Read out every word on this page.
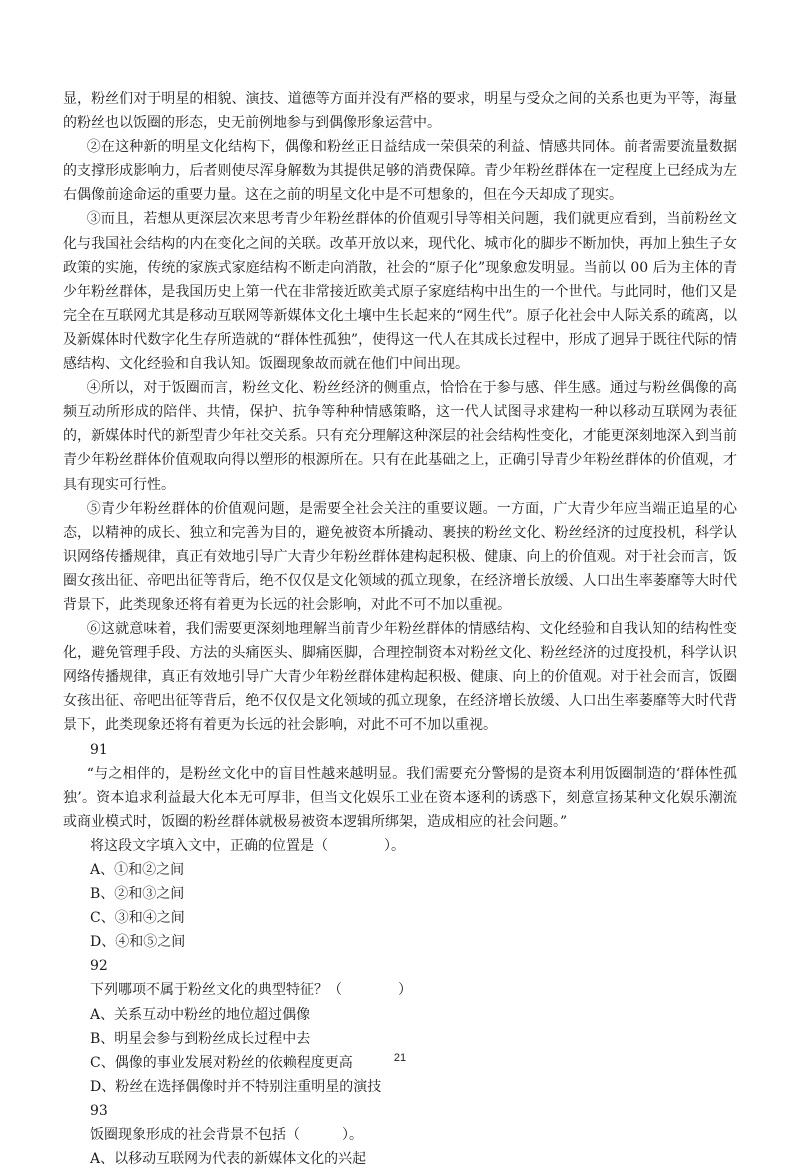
显，粉丝们对于明星的相貌、演技、道德等方面并没有严格的要求，明星与受众之间的关系也更为平等，海量的粉丝也以饭圈的形态，史无前例地参与到偶像形象运营中。

②在这种新的明星文化结构下，偶像和粉丝正日益结成一荣俱荣的利益、情感共同体。前者需要流量数据的支撑形成影响力，后者则使尽浑身解数为其提供足够的消费保障。青少年粉丝群体在一定程度上已经成为左右偶像前途命运的重要力量。这在之前的明星文化中是不可想象的，但在今天却成了现实。

③而且，若想从更深层次来思考青少年粉丝群体的价值观引导等相关问题，我们就更应看到，当前粉丝文化与我国社会结构的内在变化之间的关联。改革开放以来，现代化、城市化的脚步不断加快，再加上独生子女政策的实施，传统的家族式家庭结构不断走向消散，社会的“原子化”现象愈发明显。当前以 00 后为主体的青少年粉丝群体，是我国历史上第一代在非常接近欧美式原子家庭结构中出生的一个世代。与此同时，他们又是完全在互联网尤其是移动互联网等新媒体文化土壤中生长起来的“网生代”。原子化社会中人际关系的疏离，以及新媒体时代数字化生存所造就的“群体性孤独”，使得这一代人在其成长过程中，形成了迥异于既往代际的情感结构、文化经验和自我认知。饭圈现象故而就在他们中间出现。

④所以，对于饭圈而言，粉丝文化、粉丝经济的侧重点，恰恰在于参与感、伴生感。通过与粉丝偶像的高频互动所形成的陪伴、共情，保护、抗争等种种情感策略，这一代人试图寻求建构一种以移动互联网为表征的，新媒体时代的新型青少年社交关系。只有充分理解这种深层的社会结构性变化，才能更深刻地深入到当前青少年粉丝群体价值观取向得以塑形的根源所在。只有在此基础之上，正确引导青少年粉丝群体的价值观，才具有现实可行性。

⑤青少年粉丝群体的价值观问题，是需要全社会关注的重要议题。一方面，广大青少年应当端正追星的心态，以精神的成长、独立和完善为目的，避免被资本所撬动、裹挟的粉丝文化、粉丝经济的过度投机，科学认识网络传播规律，真正有效地引导广大青少年粉丝群体建构起积极、健康、向上的价值观。对于社会而言，饭圈女孩出征、帝吧出征等背后，绝不仅仅是文化领域的孤立现象，在经济增长放缓、人口出生率萎靡等大时代背景下，此类现象还将有着更为长远的社会影响，对此不可不加以重视。

⑥这就意味着，我们需要更深刻地理解当前青少年粉丝群体的情感结构、文化经验和自我认知的结构性变化，避免管理手段、方法的头痛医头、脚痛医脚，合理控制资本对粉丝文化、粉丝经济的过度投机，科学认识网络传播规律，真正有效地引导广大青少年粉丝群体建构起积极、健康、向上的价值观。对于社会而言，饭圈女孩出征、帝吧出征等背后，绝不仅仅是文化领域的孤立现象，在经济增长放缓、人口出生率萎靡等大时代背景下，此类现象还将有着更为长远的社会影响，对此不可不加以重视。

91

“与之相伴的，是粉丝文化中的盲目性越来越明显。我们需要充分警惕的是资本利用饭圈制造的‘群体性孤独’。资本追求利益最大化本无可厚非，但当文化娱乐工业在资本逐利的诱惑下，刻意宣扬某种文化娱乐潮流或商业模式时，饭圈的粉丝群体就极易被资本逻辑所绑架，造成相应的社会问题。”

将这段文字填入文中，正确的位置是（　　　　）。

A、①和②之间

B、②和③之间

C、③和④之间

D、④和⑤之间

92

下列哪项不属于粉丝文化的典型特征？（　　　　）

A、关系互动中粉丝的地位超过偶像

B、明星会参与到粉丝成长过程中去

C、偶像的事业发展对粉丝的依赖程度更高

D、粉丝在选择偶像时并不特别注重明星的演技

93

饭圈现象形成的社会背景不包括（　　　）。

A、以移动互联网为代表的新媒体文化的兴起

21
